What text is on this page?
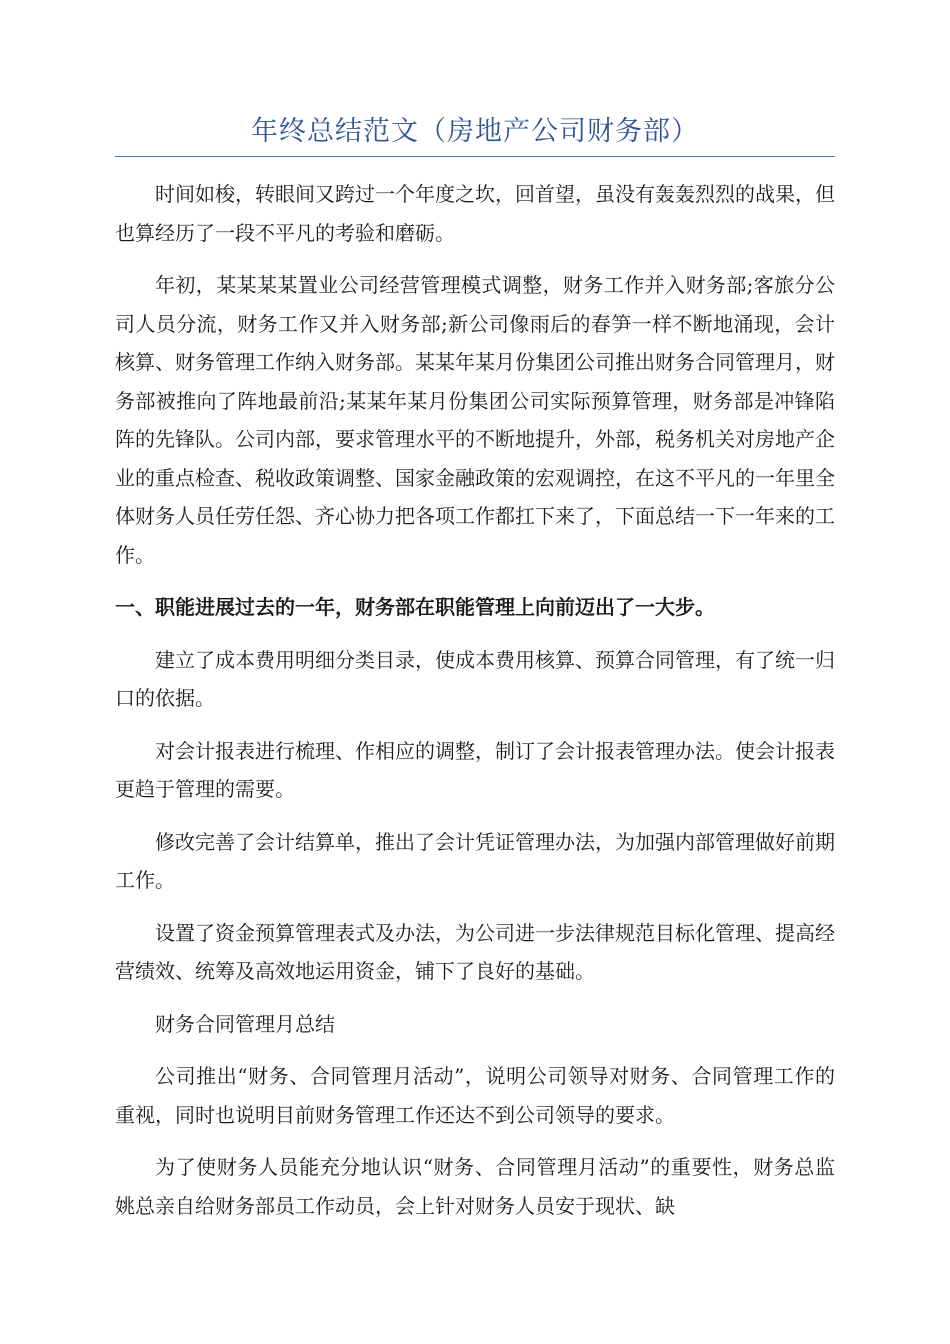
年终总结范文（房地产公司财务部）

时间如梭，转眼间又跨过一个年度之坎，回首望，虽没有轰轰烈烈的战果，但也算经历了一段不平凡的考验和磨砺。

年初，某某某某置业公司经营管理模式调整，财务工作并入财务部;客旅分公司人员分流，财务工作又并入财务部;新公司像雨后的春笋一样不断地涌现，会计核算、财务管理工作纳入财务部。某某年某月份集团公司推出财务合同管理月，财务部被推向了阵地最前沿;某某年某月份集团公司实际预算管理，财务部是冲锋陷阵的先锋队。公司内部，要求管理水平的不断地提升，外部，税务机关对房地产企业的重点检查、税收政策调整、国家金融政策的宏观调控，在这不平凡的一年里全体财务人员任劳任怨、齐心协力把各项工作都扛下来了，下面总结一下一年来的工作。

一、职能进展过去的一年，财务部在职能管理上向前迈出了一大步。

建立了成本费用明细分类目录，使成本费用核算、预算合同管理，有了统一归口的依据。

对会计报表进行梳理、作相应的调整，制订了会计报表管理办法。使会计报表更趋于管理的需要。

修改完善了会计结算单，推出了会计凭证管理办法，为加强内部管理做好前期工作。

设置了资金预算管理表式及办法，为公司进一步法律规范目标化管理、提高经营绩效、统筹及高效地运用资金，铺下了良好的基础。

财务合同管理月总结

公司推出“财务、合同管理月活动”，说明公司领导对财务、合同管理工作的重视，同时也说明目前财务管理工作还达不到公司领导的要求。

为了使财务人员能充分地认识“财务、合同管理月活动”的重要性，财务总监姚总亲自给财务部员工作动员，会上针对财务人员安于现状、缺
